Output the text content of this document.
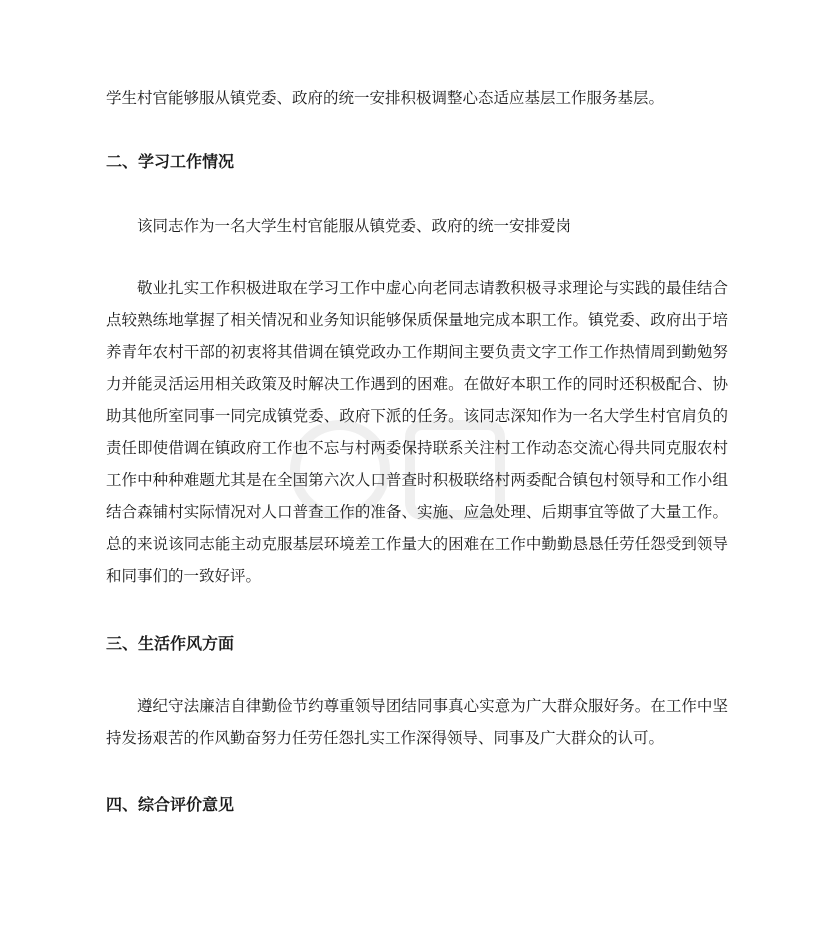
学生村官能够服从镇党委、政府的统一安排积极调整心态适应基层工作服务基层。
二、学习工作情况
该同志作为一名大学生村官能服从镇党委、政府的统一安排爱岗

敬业扎实工作积极进取在学习工作中虚心向老同志请教积极寻求理论与实践的最佳结合点较熟练地掌握了相关情况和业务知识能够保质保量地完成本职工作。镇党委、政府出于培养青年农村干部的初衷将其借调在镇党政办工作期间主要负责文字工作工作热情周到勤勉努力并能灵活运用相关政策及时解决工作遇到的困难。在做好本职工作的同时还积极配合、协助其他所室同事一同完成镇党委、政府下派的任务。该同志深知作为一名大学生村官肩负的责任即使借调在镇政府工作也不忘与村两委保持联系关注村工作动态交流心得共同克服农村工作中种种难题尤其是在全国第六次人口普查时积极联络村两委配合镇包村领导和工作小组结合森铺村实际情况对人口普查工作的准备、实施、应急处理、后期事宜等做了大量工作。总的来说该同志能主动克服基层环境差工作量大的困难在工作中勤勤恳恳任劳任怨受到领导和同事们的一致好评。

三、生活作风方面

遵纪守法廉洁自律勤俭节约尊重领导团结同事真心实意为广大群众服好务。在工作中坚持发扬艰苦的作风勤奋努力任劳任怨扎实工作深得领导、同事及广大群众的认可。

四、综合评价意见
